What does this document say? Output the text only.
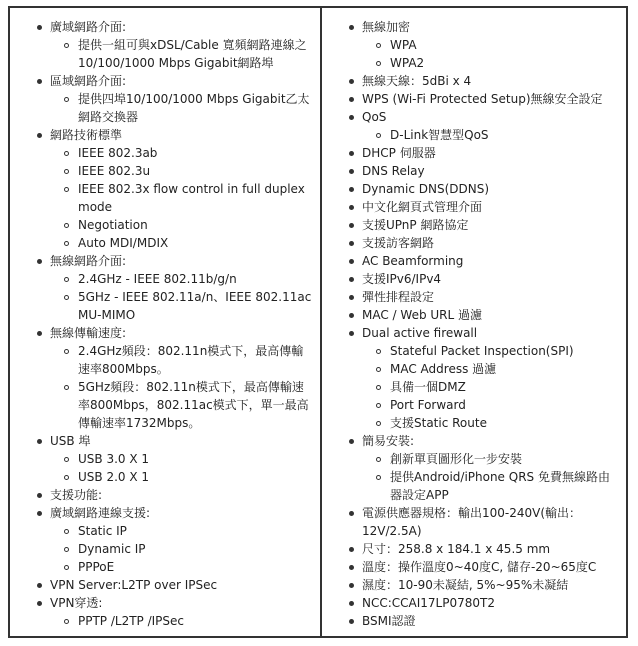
廣域網路介面:
提供一組可與xDSL/Cable 寬頻網路連線之10/100/1000 Mbps Gigabit網路埠
區域網路介面:
提供四埠10/100/1000 Mbps Gigabit乙太網路交換器
網路技術標準
IEEE 802.3ab
IEEE 802.3u
IEEE 802.3x flow control in full duplex mode
Negotiation
Auto MDI/MDIX
無線網路介面:
2.4GHz - IEEE 802.11b/g/n
5GHz - IEEE 802.11a/n、IEEE 802.11ac MU-MIMO
無線傳輸速度:
2.4GHz頻段：802.11n模式下，最高傳輸速率800Mbps。
5GHz頻段：802.11n模式下，最高傳輸速率800Mbps，802.11ac模式下，單一最高傳輸速率1732Mbps。
USB 埠
USB 3.0 X 1
USB 2.0 X 1
支援功能:
廣域網路連線支援:
Static IP
Dynamic IP
PPPoE
VPN Server:L2TP over IPSec
VPN穿透:
PPTP /L2TP /IPSec
無線加密
WPA
WPA2
無線天線：5dBi x 4
WPS (Wi-Fi Protected Setup)無線安全設定
QoS
D-Link智慧型QoS
DHCP 伺服器
DNS Relay
Dynamic DNS(DDNS)
中文化網頁式管理介面
支援UPnP 網路協定
支援訪客網路
AC Beamforming
支援IPv6/IPv4
彈性排程設定
MAC / Web URL 過濾
Dual active firewall
Stateful Packet Inspection(SPI)
MAC Address 過濾
具備一個DMZ
Port Forward
支援Static Route
簡易安裝:
創新單頁圖形化一步安裝
提供Android/iPhone QRS 免費無線路由器設定APP
電源供應器規格：輸出100-240V(輸出：12V/2.5A)
尺寸：258.8 x 184.1 x 45.5 mm
溫度：操作溫度0~40度C, 儲存-20~65度C
濕度：10-90未凝結, 5%~95%未凝結
NCC:CCAI17LP0780T2
BSMI認證
